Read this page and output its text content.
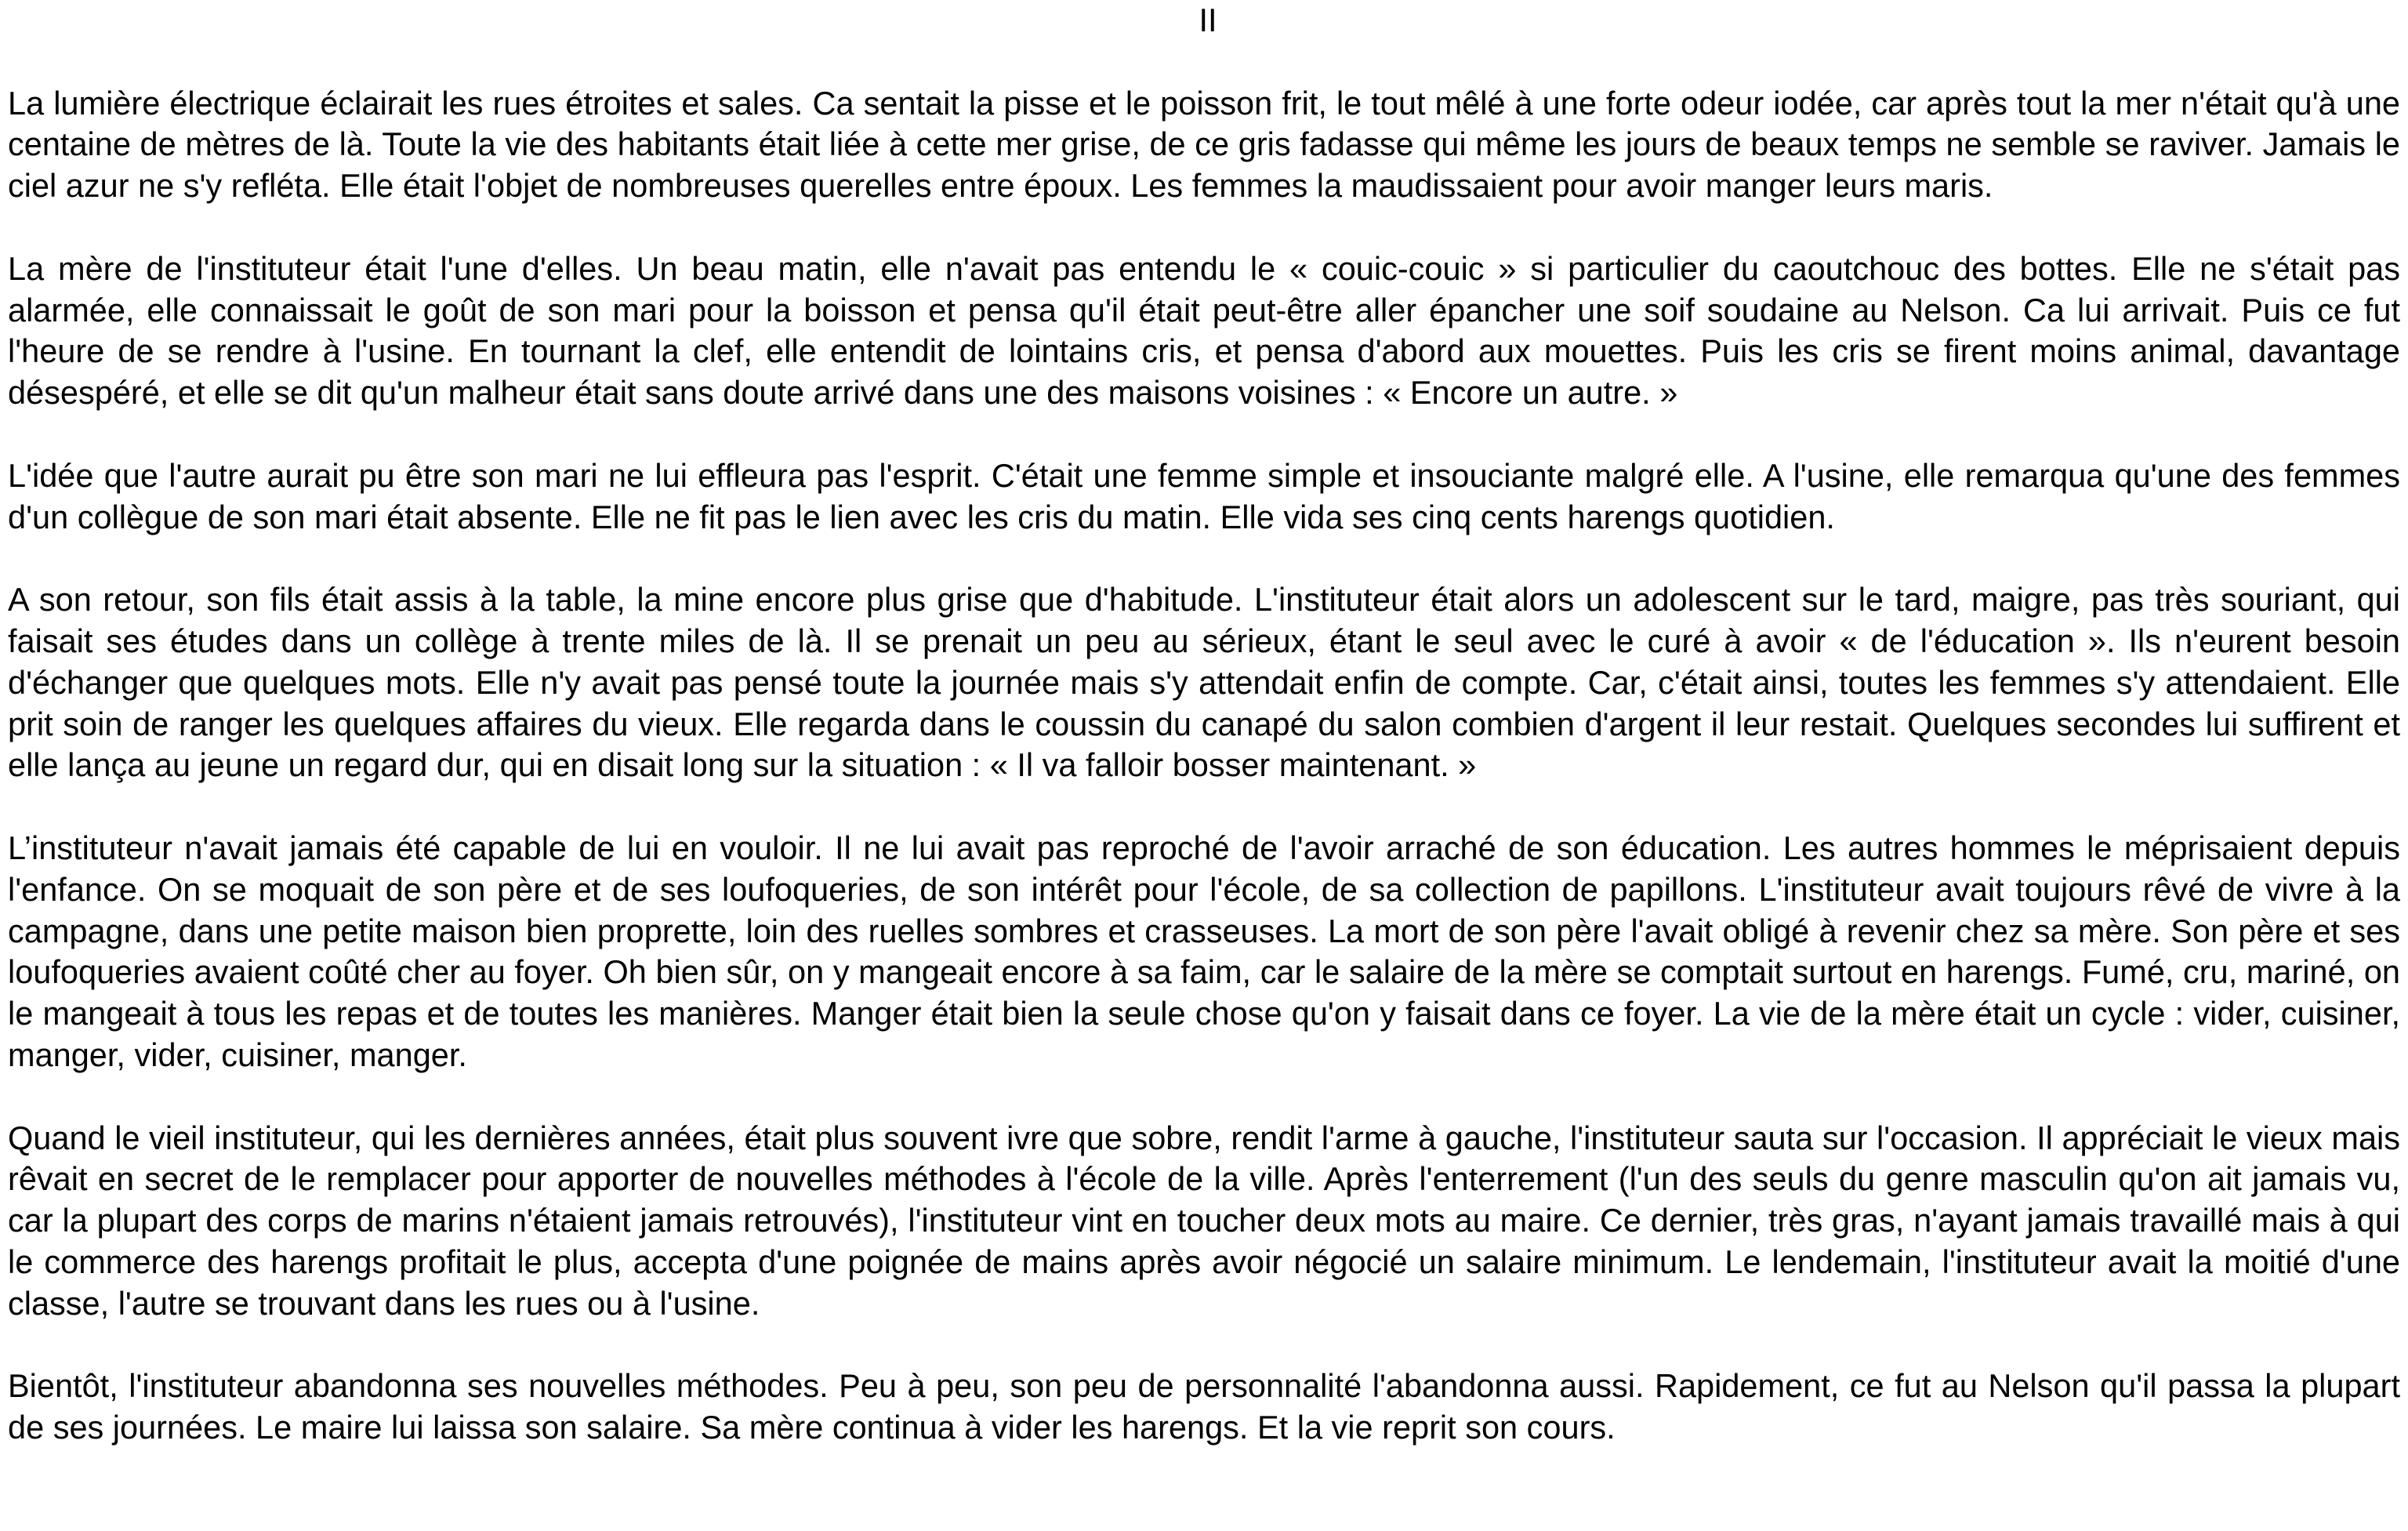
II

La lumière électrique éclairait les rues étroites et sales. Ca sentait la pisse et le poisson frit, le tout mêlé à une forte odeur iodée, car après tout la mer n'était qu'à une centaine de mètres de là. Toute la vie des habitants était liée à cette mer grise, de ce gris fadasse qui même les jours de beaux temps ne semble se raviver. Jamais le ciel azur ne s'y refléta. Elle était l'objet de nombreuses querelles entre époux. Les femmes la maudissaient pour avoir manger leurs maris.

La mère de l'instituteur était l'une d'elles. Un beau matin, elle n'avait pas entendu le « couic-couic » si particulier du caoutchouc des bottes. Elle ne s'était pas alarmée, elle connaissait le goût de son mari pour la boisson et pensa qu'il était peut-être aller épancher une soif soudaine au Nelson. Ca lui arrivait. Puis ce fut l'heure de se rendre à l'usine. En tournant la clef, elle entendit de lointains cris, et pensa d'abord aux mouettes. Puis les cris se firent moins animal, davantage désespéré, et elle se dit qu'un malheur était sans doute arrivé dans une des maisons voisines : « Encore un autre. »

L'idée que l'autre aurait pu être son mari ne lui effleura pas l'esprit. C'était une femme simple et insouciante malgré elle. A l'usine, elle remarqua qu'une des femmes d'un collègue de son mari était absente. Elle ne fit pas le lien avec les cris du matin. Elle vida ses cinq cents harengs quotidien.

A son retour, son fils était assis à la table, la mine encore plus grise que d'habitude. L'instituteur était alors un adolescent sur le tard, maigre, pas très souriant, qui faisait ses études dans un collège à trente miles de là. Il se prenait un peu au sérieux, étant le seul avec le curé à avoir « de l'éducation ». Ils n'eurent besoin d'échanger que quelques mots. Elle n'y avait pas pensé toute la journée mais s'y attendait enfin de compte. Car, c'était ainsi, toutes les femmes s'y attendaient. Elle prit soin de ranger les quelques affaires du vieux. Elle regarda dans le coussin du canapé du salon combien d'argent il leur restait. Quelques secondes lui suffirent et elle lança au jeune un regard dur, qui en disait long sur la situation : « Il va falloir bosser maintenant. »

L’instituteur n'avait jamais été capable de lui en vouloir. Il ne lui avait pas reproché de l'avoir arraché de son éducation. Les autres hommes le méprisaient depuis l'enfance. On se moquait de son père et de ses loufoqueries, de son intérêt pour l'école, de sa collection de papillons. L'instituteur avait toujours rêvé de vivre à la campagne, dans une petite maison bien proprette, loin des ruelles sombres et crasseuses. La mort de son père l'avait obligé à revenir chez sa mère. Son père et ses loufoqueries avaient coûté cher au foyer. Oh bien sûr, on y mangeait encore à sa faim, car le salaire de la mère se comptait surtout en harengs. Fumé, cru, mariné, on le mangeait à tous les repas et de toutes les manières. Manger était bien la seule chose qu'on y faisait dans ce foyer. La vie de la mère était un cycle : vider, cuisiner, manger, vider, cuisiner, manger.

Quand le vieil instituteur, qui les dernières années, était plus souvent ivre que sobre, rendit l'arme à gauche, l'instituteur sauta sur l'occasion. Il appréciait le vieux mais rêvait en secret de le remplacer pour apporter de nouvelles méthodes à l'école de la ville. Après l'enterrement (l'un des seuls du genre masculin qu'on ait jamais vu, car la plupart des corps de marins n'étaient jamais retrouvés), l'instituteur vint en toucher deux mots au maire. Ce dernier, très gras, n'ayant jamais travaillé mais à qui le commerce des harengs profitait le plus, accepta d'une poignée de mains après avoir négocié un salaire minimum. Le lendemain, l'instituteur avait la moitié d'une classe, l'autre se trouvant dans les rues ou à l'usine.

Bientôt, l'instituteur abandonna ses nouvelles méthodes. Peu à peu, son peu de personnalité l'abandonna aussi. Rapidement, ce fut au Nelson qu'il passa la plupart de ses journées. Le maire lui laissa son salaire. Sa mère continua à vider les harengs. Et la vie reprit son cours.
